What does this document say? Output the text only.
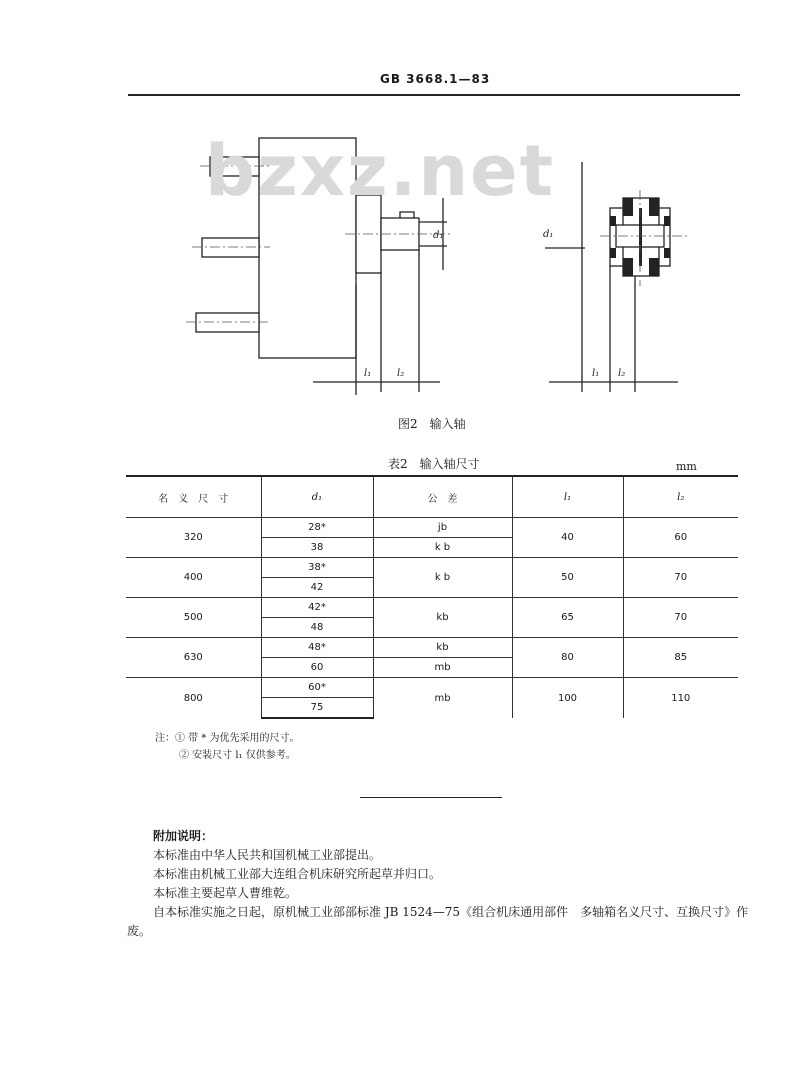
GB 3668.1—83
d₁
l₁	l₂
d₁
l₁ l₂
bzxz.net
图2　输入轴
表2　输入轴尺寸	mm
名　义　尺　寸	d₁	公　差	l₁	l₂
320	28*	jb	40	60
	38	k b		
400	38*	k b	50	70
	42			
500	42*	kb	65	70
	48			
630	48*	kb	80	85
	60	mb		
800	60*	mb	100	110
	75			
注：① 带 * 为优先采用的尺寸。
② 安装尺寸 l₁ 仅供参考。
附加说明：
本标准由中华人民共和国机械工业部提出。
本标准由机械工业部大连组合机床研究所起草并归口。
本标准主要起草人曹维乾。
自本标准实施之日起，原机械工业部部标准 JB 1524—75《组合机床通用部件　多轴箱名义尺寸、互换尺寸》作废。
